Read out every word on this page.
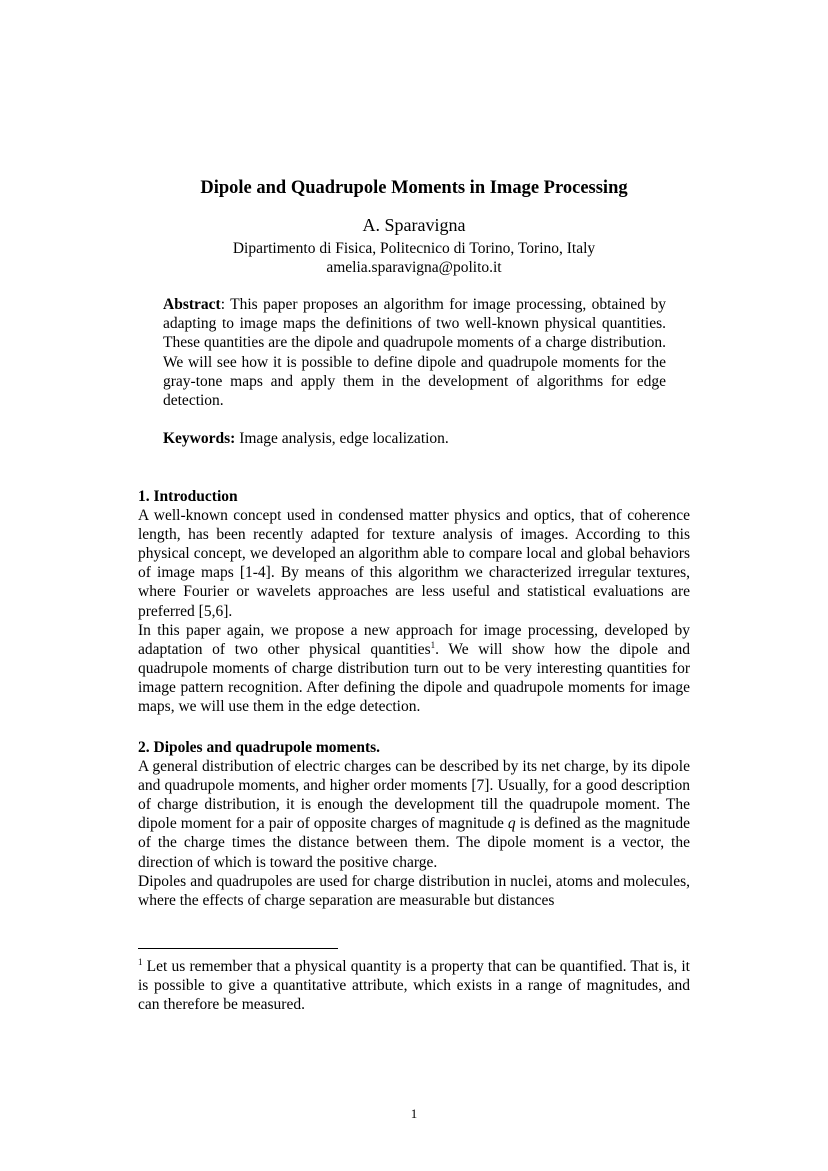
Dipole and Quadrupole Moments in Image Processing
A. Sparavigna
Dipartimento di Fisica, Politecnico di Torino, Torino, Italy
amelia.sparavigna@polito.it
Abstract: This paper proposes an algorithm for image processing, obtained by adapting to image maps the definitions of two well-known physical quantities. These quantities are the dipole and quadrupole moments of a charge distribution. We will see how it is possible to define dipole and quadrupole moments for the gray-tone maps and apply them in the development of algorithms for edge detection.
Keywords: Image analysis, edge localization.

1. Introduction

A well-known concept used in condensed matter physics and optics, that of coherence length, has been recently adapted for texture analysis of images. According to this physical concept, we developed an algorithm able to compare local and global behaviors of image maps [1-4]. By means of this algorithm we characterized irregular textures, where Fourier or wavelets approaches are less useful and statistical evaluations are preferred [5,6].

In this paper again, we propose a new approach for image processing, developed by adaptation of two other physical quantities$^1$. We will show how the dipole and quadrupole moments of charge distribution turn out to be very interesting quantities for image pattern recognition. After defining the dipole and quadrupole moments for image maps, we will use them in the edge detection.

2. Dipoles and quadrupole moments.

A general distribution of electric charges can be described by its net charge, by its dipole and quadrupole moments, and higher order moments [7]. Usually, for a good description of charge distribution, it is enough the development till the quadrupole moment. The dipole moment for a pair of opposite charges of magnitude q is defined as the magnitude of the charge times the distance between them. The dipole moment is a vector, the direction of which is toward the positive charge.

Dipoles and quadrupoles are used for charge distribution in nuclei, atoms and molecules, where the effects of charge separation are measurable but distances

$^1$ Let us remember that a physical quantity is a property that can be quantified. That is, it is possible to give a quantitative attribute, which exists in a range of magnitudes, and can therefore be measured.
1
